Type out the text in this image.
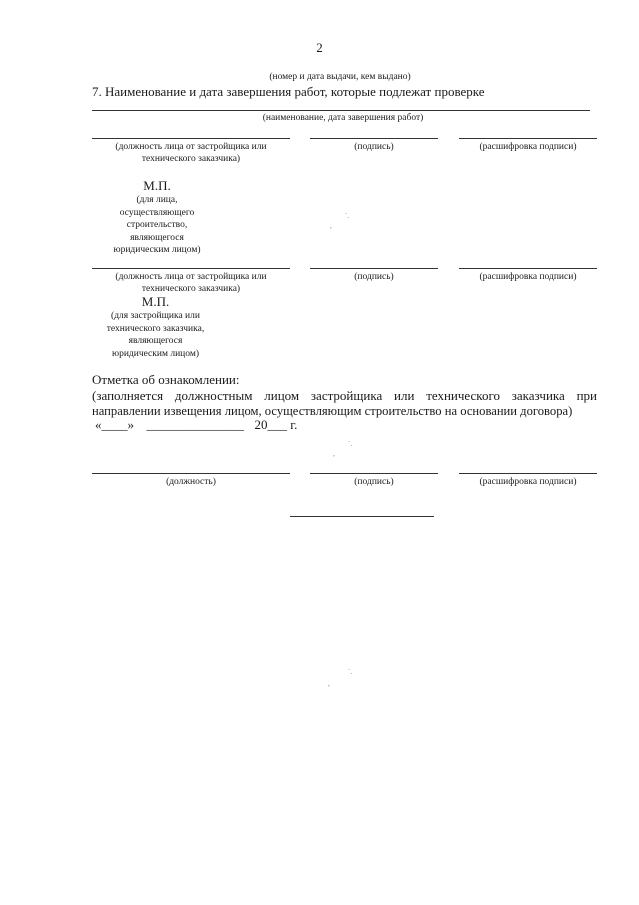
2
(номер и дата выдачи, кем выдано)
7. Наименование и дата завершения работ, которые подлежат проверке
(наименование, дата завершения работ)
(должность лица от застройщика или
технического заказчика)
(подпись)	(расшифровка подписи)
М.П.
(для лица,
осуществляющего
строительство,
являющегося
юридическим лицом)
(должность лица от застройщика или
технического заказчика)
(подпись)	(расшифровка подписи)
М.П.
(для застройщика или
технического заказчика,
являющегося
юридическим лицом)
Отметка об ознакомлении:
(заполняется должностным лицом застройщика или технического заказчика при
направлении извещения лицом, осуществляющим строительство на основании договора)
«____» _______________ 20___ г.
(должность)	(подпись)	(расшифровка подписи)
`.
,
`.
,
`.
,
